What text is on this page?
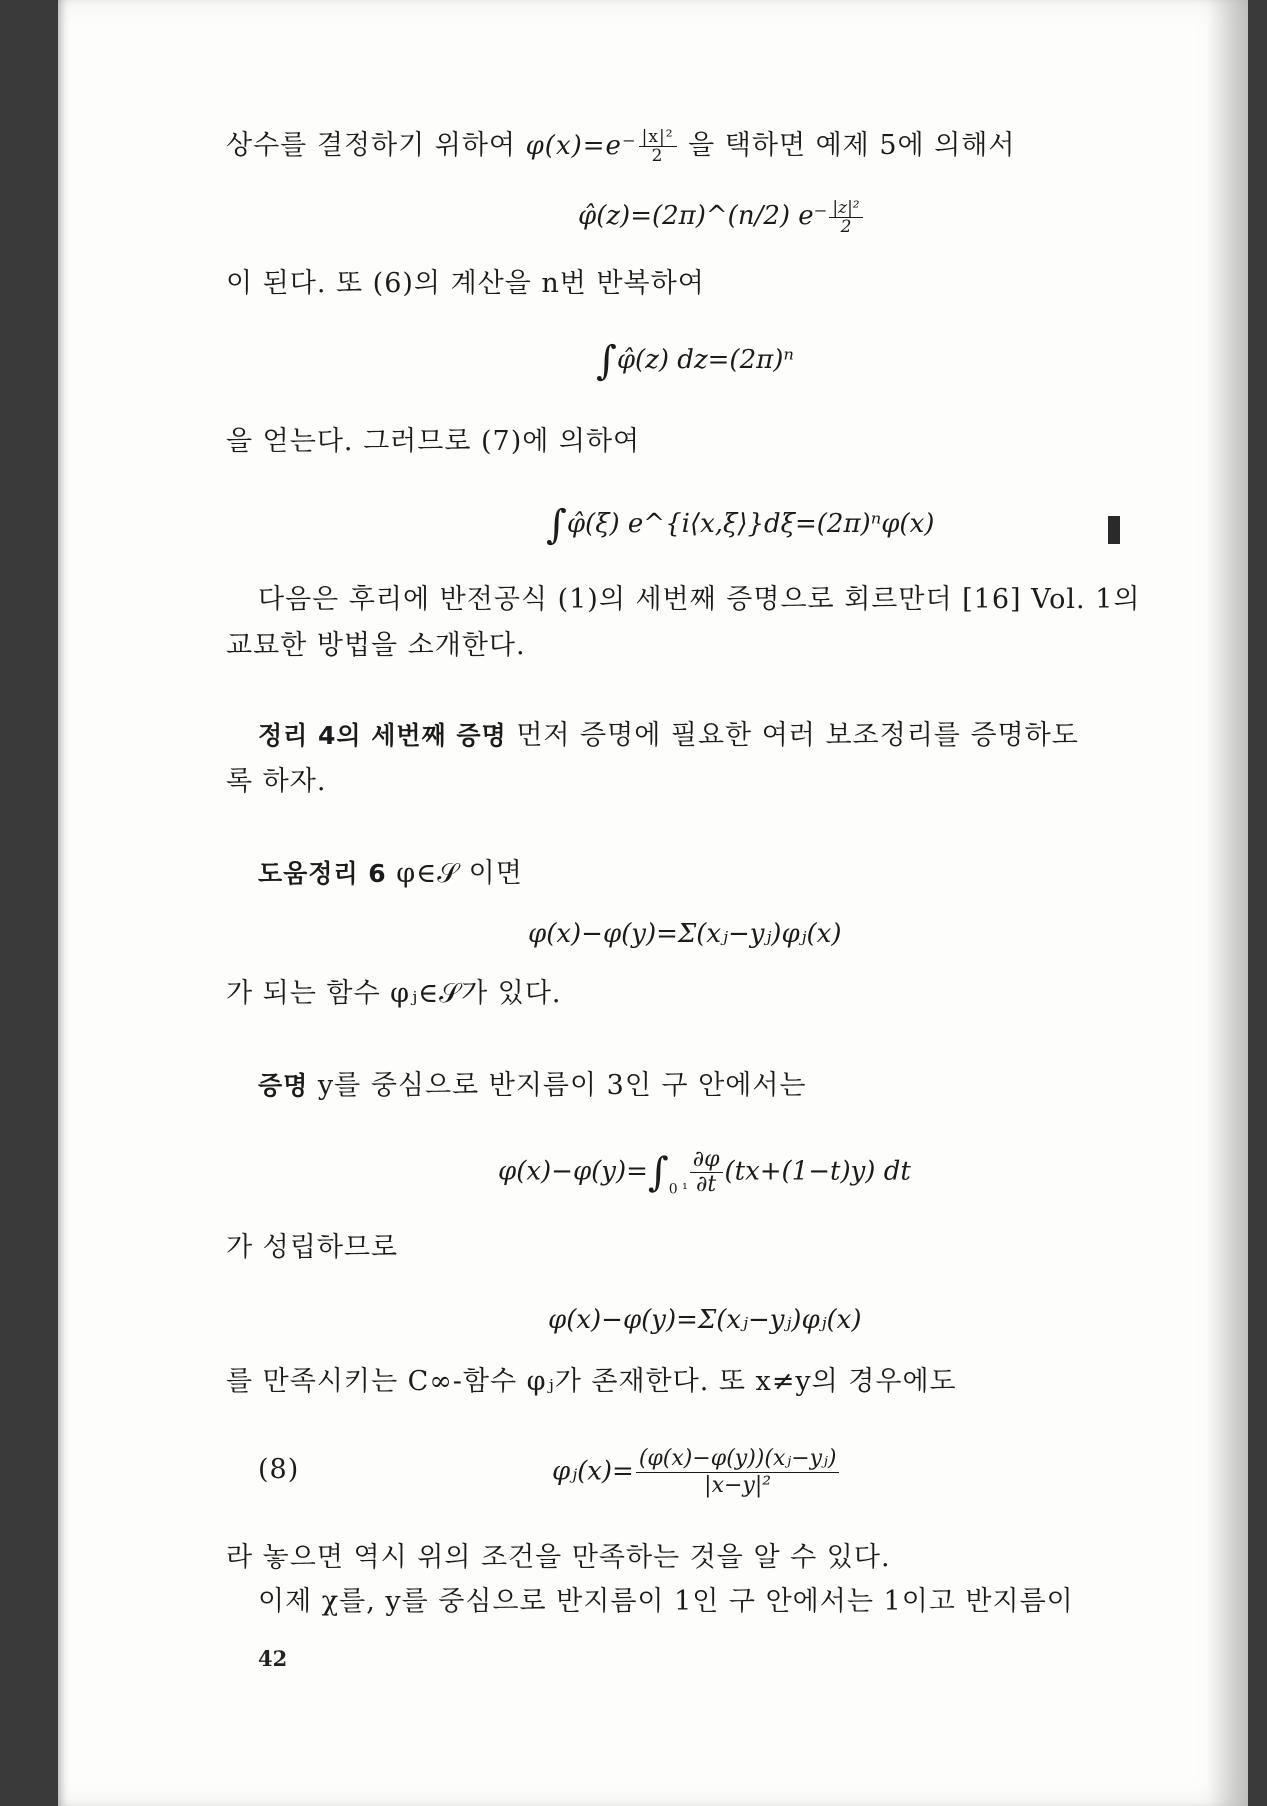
상수를 결정하기 위하여 $\varphi(x)=e^- \frac{\text{|x|²}}{2}$ 을 택하면 예제 5에 의해서
φ̂(z)=(2π)^(n/2) $e^- \frac{\text{|z|²}}{2}$
이 된다. 또 (6)의 계산을 n번 반복하여
∫φ̂(z) dz=(2π)ⁿ
을 얻는다. 그러므로 (7)에 의하여
∫φ̂(ξ) e^{i⟨x,ξ⟩}dξ=(2π)ⁿφ(x)
다음은 후리에 반전공식 (1)의 세번째 증명으로 회르만더 [16] Vol. 1의
교묘한 방법을 소개한다.
정리 4의 세번째 증명 먼저 증명에 필요한 여러 보조정리를 증명하도
록 하자.
도움정리 6 φ∈𝒮 이면
φ(x)−φ(y)=Σ(xⱼ−yⱼ)φⱼ(x)
가 되는 함수 φⱼ∈𝒮가 있다.
증명 y를 중심으로 반지름이 3인 구 안에서는
$\varphi(x)-\varphi(y)=\int_{0 ^1} \frac{\partial\varphi}{\partial t} (tx+(1-t)y)$ dt
가 성립하므로
φ(x)−φ(y)=Σ(xⱼ−yⱼ)φⱼ(x)
를 만족시키는 C∞-함수 φⱼ가 존재한다. 또 x≠y의 경우에도
(8)	φⱼ(x)= $\frac{\text{(φ(x)−φ(y))(xⱼ−yⱼ)}}{\text{|x−y|²}}$
라 놓으면 역시 위의 조건을 만족하는 것을 알 수 있다.
이제 χ를, y를 중심으로 반지름이 1인 구 안에서는 1이고 반지름이
42
